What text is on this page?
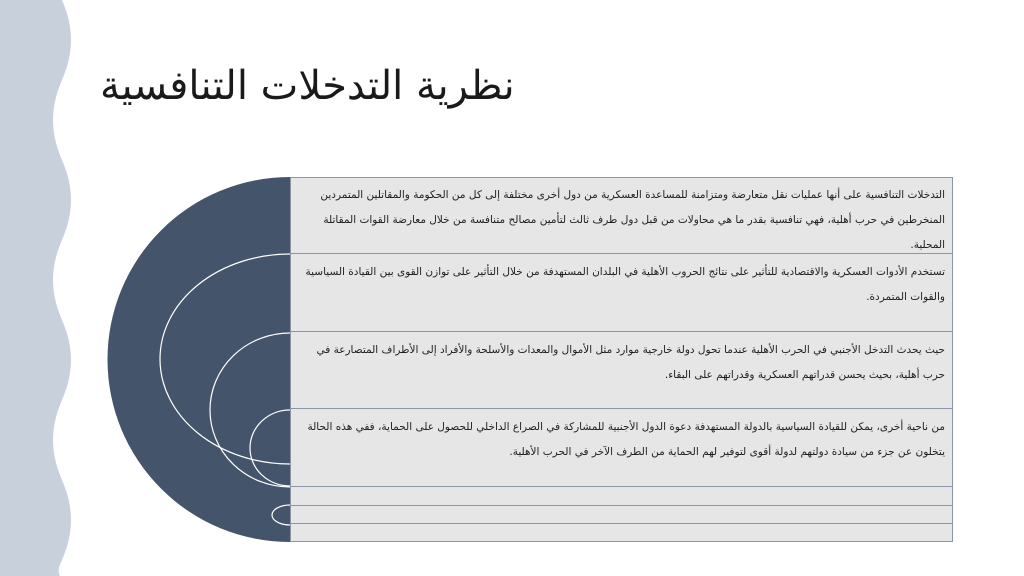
نظرية التدخلات التنافسية
التدخلات التنافسية على أنها عمليات نقل متعارضة ومتزامنة للمساعدة العسكرية من دول أخرى مختلفة إلى كل من الحكومة والمقاتلين المتمردين المنخرطين في حرب أهلية، فهي تنافسية بقدر ما هي محاولات من قبل دول طرف ثالث لتأمين مصالح متنافسة من خلال معارضة القوات المقاتلة المحلية.
تستخدم الأدوات العسكرية والاقتصادية للتأثير على نتائج الحروب الأهلية في البلدان المستهدفة من خلال التأثير على توازن القوى بين القيادة السياسية والقوات المتمردة.
حيث يحدث التدخل الأجنبي في الحرب الأهلية عندما تحول دولة خارجية موارد مثل الأموال والمعدات والأسلحة والأفراد إلى الأطراف المتصارعة في حرب أهلية، بحيث يحسن قدراتهم العسكرية وقدراتهم على البقاء.
من ناحية أخرى، يمكن للقيادة السياسية بالدولة المستهدفة دعوة الدول الأجنبية للمشاركة في الصراع الداخلي للحصول على الحماية، ففي هذه الحالة يتخلون عن جزء من سيادة دولتهم لدولة أقوى لتوفير لهم الحماية من الطرف الآخر في الحرب الأهلية.
